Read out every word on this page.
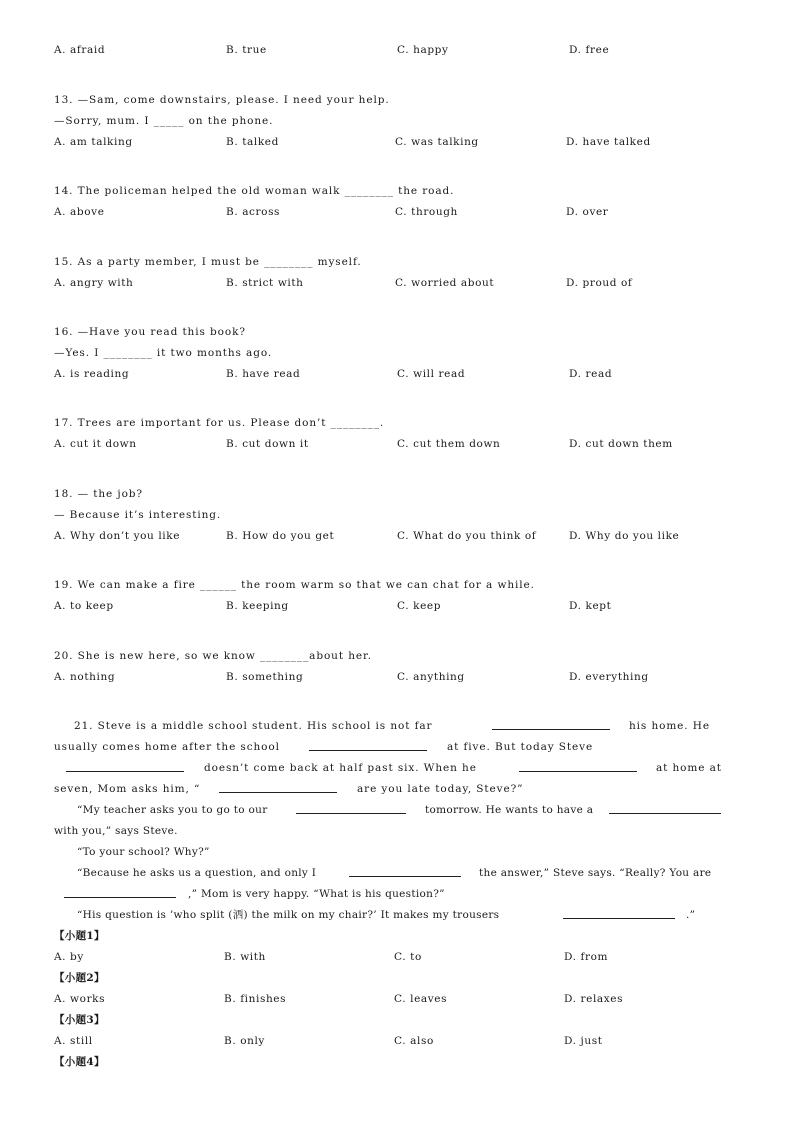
A. afraid	B. true	C. happy	D. free
13. —Sam, come downstairs, please. I need your help.
—Sorry, mum. I _____ on the phone.
A. am talking	B. talked	C. was talking	D. have talked
14. The policeman helped the old woman walk ________ the road.
A. above	B. across	C. through	D. over
15. As a party member, I must be ________ myself.
A. angry with	B. strict with	C. worried about	D. proud of
16. —Have you read this book?
—Yes. I ________ it two months ago.
A. is reading	B. have read	C. will read	D. read
17. Trees are important for us. Please don’t ________.
A. cut it down	B. cut down it	C. cut them down	D. cut down them
18. — the job?
— Because it’s interesting.
A. Why don’t you like	B. How do you get	C. What do you think of	D. Why do you like
19. We can make a fire ______ the room warm so that we can chat for a while.
A. to keep	B. keeping	C. keep	D. kept
20. She is new here, so we know ________about her.
A. nothing	B. something	C. anything	D. everything
21. Steve is a middle school student. His school is not far	his home. He
usually comes home after the school	at five. But today Steve
doesn’t come back at half past six. When he	at home at
seven, Mom asks him, “	are you late today, Steve?”
“My teacher asks you to go to our	tomorrow. He wants to have a
with you,” says Steve.
“To your school? Why?”
“Because he asks us a question, and only I	the answer,” Steve says. “Really? You are
,” Mom is very happy. “What is his question?”
“His question is ’who split (洒) the milk on my chair?’ It makes my trousers	.”
【小题1】
A. by	B. with	C. to	D. from
【小题2】
A. works	B. finishes	C. leaves	D. relaxes
【小题3】
A. still	B. only	C. also	D. just
【小题4】
